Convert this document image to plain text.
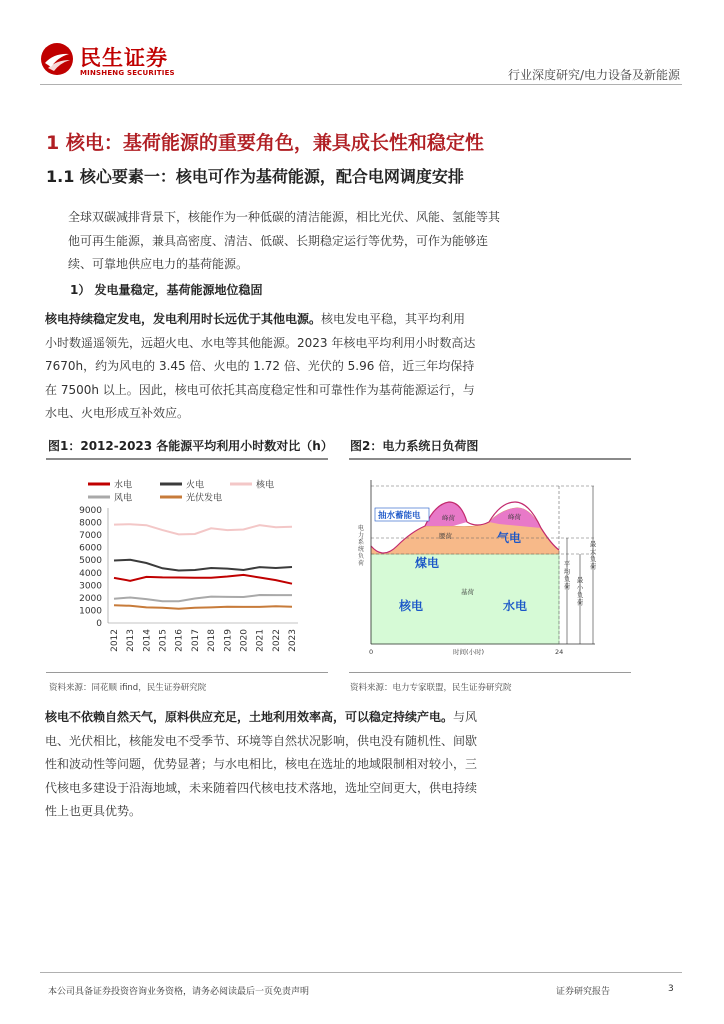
民生证券
MINSHENG SECURITIES	行业深度研究/电力设备及新能源
1 核电：基荷能源的重要角色，兼具成长性和稳定性
1.1 核心要素一：核电可作为基荷能源，配合电网调度安排
全球双碳减排背景下，核能作为一种低碳的清洁能源，相比光伏、风能、氢能等其他可再生能源，兼具高密度、清洁、低碳、长期稳定运行等优势，可作为能够连续、可靠地供应电力的基荷能源。
1） 发电量稳定，基荷能源地位稳固
核电持续稳定发电，发电利用时长远优于其他电源。核电发电平稳，其平均利用小时数遥遥领先，远超火电、水电等其他能源。2023 年核电平均利用小时数高达 7670h，约为风电的 3.45 倍、火电的 1.72 倍、光伏的 5.96 倍，近三年均保持在 7500h 以上。因此，核电可依托其高度稳定性和可靠性作为基荷能源运行，与水电、火电形成互补效应。
图1：2012-2023 各能源平均利用小时数对比（h）
水电	火电	核电
风电	光伏发电
0
1000
2000
3000
4000
5000
6000
7000
8000
9000
2012 2013 2014 2015 2016 2017 2018 2019 2020 2021 2022 2023
资料来源：同花顺 ifind，民生证券研究院
图2：电力系统日负荷图
抽水蓄能电	峰荷	峰荷
腰荷	气电
煤电
基荷
核电	水电
0	24
时间(小时)
电
力
系
统
负
荷	平
均
负
荷
最
小
负
荷
最
大
负
荷
资料来源：电力专家联盟，民生证券研究院
核电不依赖自然天气，原料供应充足，土地利用效率高，可以稳定持续产电。与风电、光伏相比，核能发电不受季节、环境等自然状况影响，供电没有随机性、间歇性和波动性等问题，优势显著；与水电相比，核电在选址的地域限制相对较小，三代核电多建设于沿海地域，未来随着四代核电技术落地，选址空间更大，供电持续性上也更具优势。
本公司具备证券投资咨询业务资格，请务必阅读最后一页免责声明	证券研究报告	3
